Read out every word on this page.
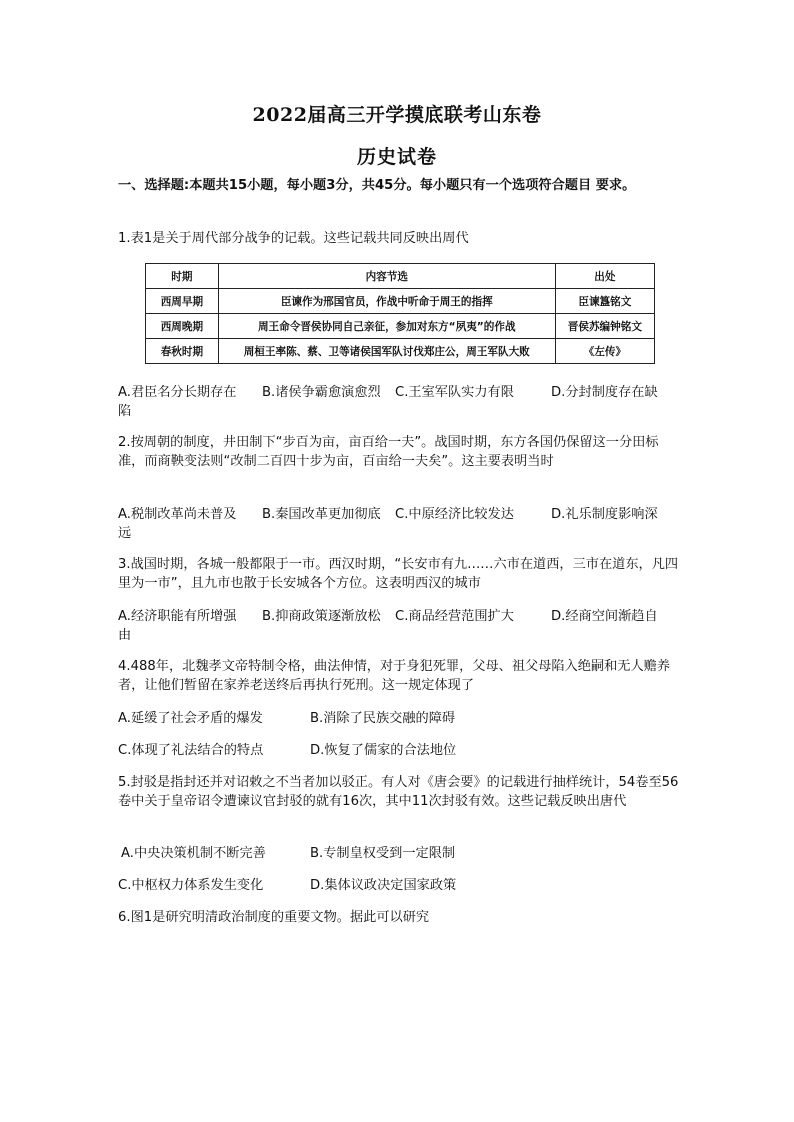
2022届高三开学摸底联考山东卷
历史试卷
一、选择题:本题共15小题，每小题3分，共45分。每小题只有一个选项符合题目 要求。
1.表1是关于周代部分战争的记载。这些记载共同反映出周代
时期	内容节选	出处
西周早期	臣谏作为邢国官员，作战中听命于周王的指挥	臣谏簋铭文
西周晚期	周王命令晋侯协同自己亲征，参加对东方“夙夷”的作战	晋侯苏编钟铭文
春秋时期	周桓王率陈、蔡、卫等诸侯国军队讨伐郑庄公，周王军队大败	《左传》
A.君臣名分长期存在 B.诸侯争霸愈演愈烈 C.王室军队实力有限	D.分封制度存在缺
陷
2.按周朝的制度，井田制下“步百为亩，亩百给一夫”。战国时期，东方各国仍保留这一分田标准，而商鞅变法则“改制二百四十步为亩，百亩给一夫矣”。这主要表明当时
A.税制改革尚未普及 B.秦国改革更加彻底 C.中原经济比较发达	D.礼乐制度影响深
远
3.战国时期，各城一般都限于一市。西汉时期，“长安市有九……六市在道西，三市在道东，凡四里为一市”，且九市也散于长安城各个方位。这表明西汉的城市
A.经济职能有所增强 B.抑商政策逐渐放松 C.商品经营范围扩大	D.经商空间渐趋自
由
4.488年，北魏孝文帝特制令格，曲法伸情，对于身犯死罪，父母、祖父母陷入绝嗣和无人赡养者，让他们暂留在家养老送终后再执行死刑。这一规定体现了
A.延缓了社会矛盾的爆发	B.消除了民族交融的障碍
C.体现了礼法结合的特点	D.恢复了儒家的合法地位
5.封驳是指封还并对诏敕之不当者加以驳正。有人对《唐会要》的记载进行抽样统计，54卷至56卷中关于皇帝诏令遭谏议官封驳的就有16次，其中11次封驳有效。这些记载反映出唐代
A.中央决策机制不断完善	B.专制皇权受到一定限制
C.中枢权力体系发生变化	D.集体议政决定国家政策
6.图1是研究明清政治制度的重要文物。据此可以研究
